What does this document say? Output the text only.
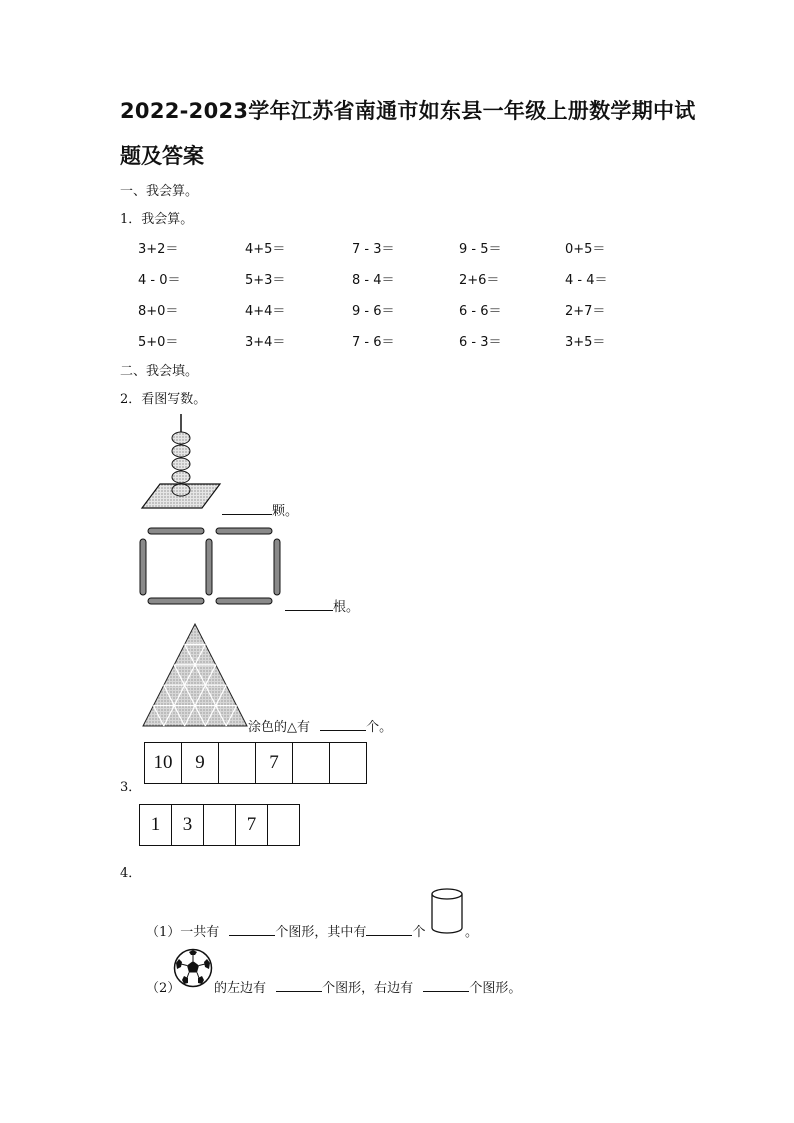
2022-2023学年江苏省南通市如东县一年级上册数学期中试
题及答案
一、我会算。
1．我会算。
3+2＝	4+5＝	7 - 3＝	9 - 5＝	0+5＝
4 - 0＝	5+3＝	8 - 4＝	2+6＝	4 - 4＝
8+0＝	4+4＝	9 - 6＝	6 - 6＝	2+7＝
5+0＝	3+4＝	7 - 6＝	6 - 3＝	3+5＝
二、我会填。
2．看图写数。
颗。
根。
涂色的△有	个。
3．
10	9	7
1	3	7
4．
（1）一共有	个图形，其中有	个	。
（2）	的左边有	个图形，右边有	个图形。
